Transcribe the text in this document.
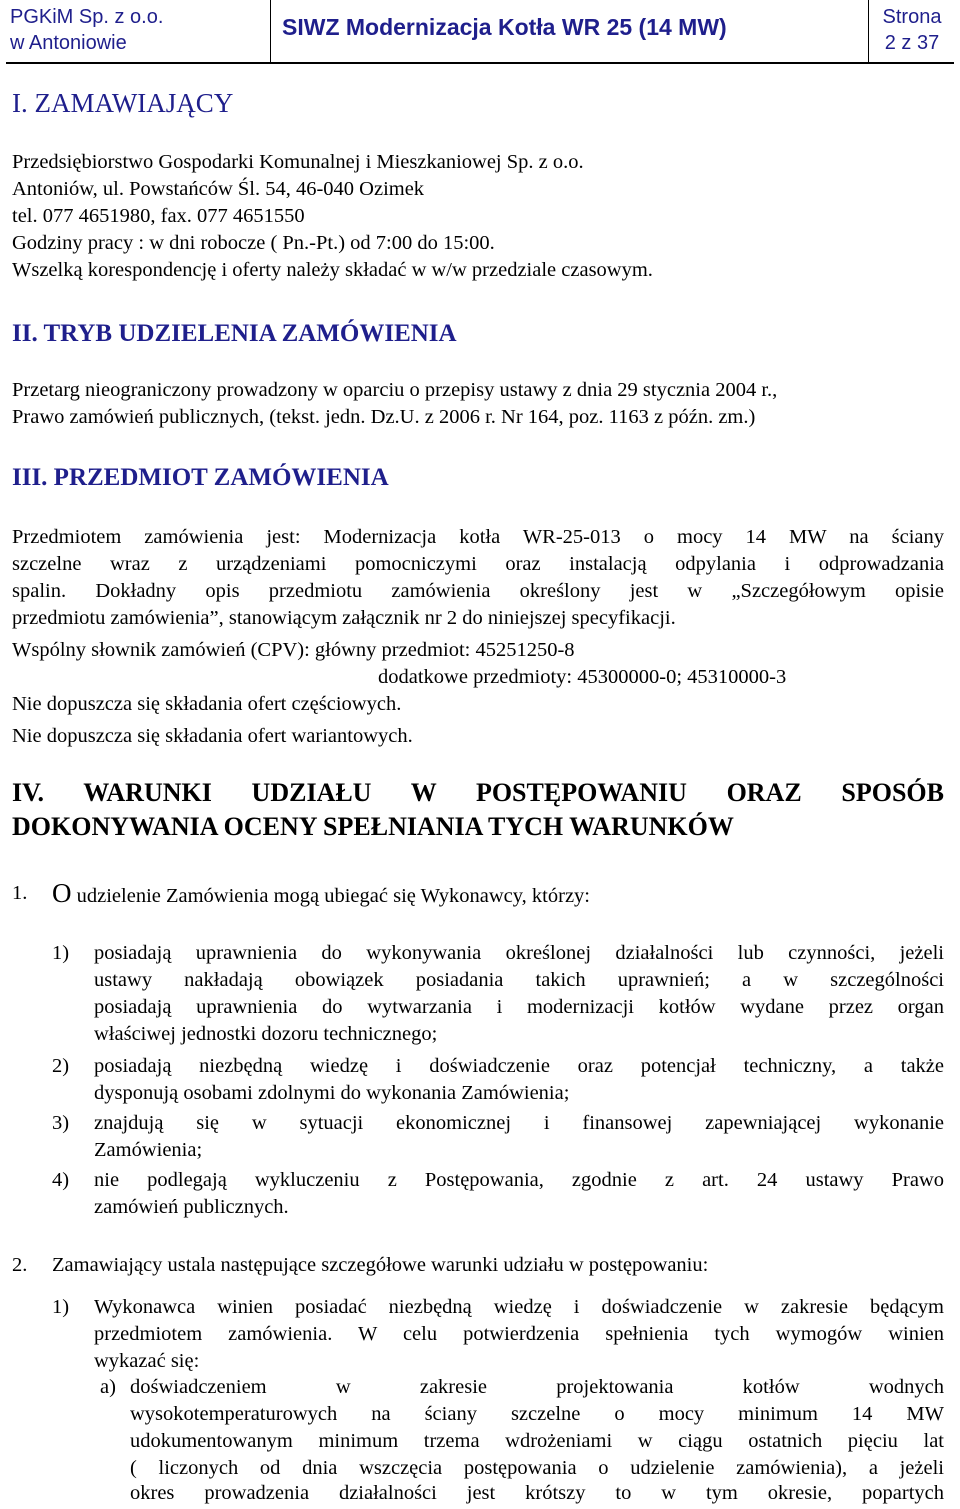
PGKiM Sp. z o.o.
w Antoniowie
SIWZ Modernizacja Kotła WR 25 (14 MW)	Strona
2 z 37
I. ZAMAWIAJĄCY
Przedsiębiorstwo Gospodarki Komunalnej i Mieszkaniowej Sp. z o.o.
Antoniów, ul. Powstańców Śl. 54, 46-040 Ozimek
tel. 077 4651980, fax. 077 4651550
Godziny pracy : w dni robocze ( Pn.-Pt.) od 7:00 do 15:00.
Wszelką korespondencję i oferty należy składać w w/w przedziale czasowym.
II. TRYB UDZIELENIA ZAMÓWIENIA
Przetarg nieograniczony prowadzony w oparciu o przepisy ustawy z dnia 29 stycznia 2004 r.,
Prawo zamówień publicznych, (tekst. jedn. Dz.U. z 2006 r. Nr 164, poz. 1163 z późn. zm.)
III. PRZEDMIOT ZAMÓWIENIA
Przedmiotem zamówienia jest: Modernizacja kotła WR-25-013 o mocy 14 MW na ściany
szczelne wraz z urządzeniami pomocniczymi oraz instalacją odpylania i odprowadzania
spalin. Dokładny opis przedmiotu zamówienia określony jest w „Szczegółowym opisie
przedmiotu zamówienia”, stanowiącym załącznik nr 2 do niniejszej specyfikacji.
Wspólny słownik zamówień (CPV): główny przedmiot: 45251250-8
dodatkowe przedmioty: 45300000-0; 45310000-3
Nie dopuszcza się składania ofert częściowych.
Nie dopuszcza się składania ofert wariantowych.
IV. WARUNKI UDZIAŁU W POSTĘPOWANIU ORAZ SPOSÓB
DOKONYWANIA OCENY SPEŁNIANIA TYCH WARUNKÓW
1. O udzielenie Zamówienia mogą ubiegać się Wykonawcy, którzy:
1) posiadają uprawnienia do wykonywania określonej działalności lub czynności, jeżeli
ustawy nakładają obowiązek posiadania takich uprawnień; a w szczególności
posiadają uprawnienia do wytwarzania i modernizacji kotłów wydane przez organ
właściwej jednostki dozoru technicznego;
2) posiadają niezbędną wiedzę i doświadczenie oraz potencjał techniczny, a także
dysponują osobami zdolnymi do wykonania Zamówienia;
3) znajdują się w sytuacji ekonomicznej i finansowej zapewniającej wykonanie
Zamówienia;
4) nie podlegają wykluczeniu z Postępowania, zgodnie z art. 24 ustawy Prawo
zamówień publicznych.
2. Zamawiający ustala następujące szczegółowe warunki udziału w postępowaniu:
1) Wykonawca winien posiadać niezbędną wiedzę i doświadczenie w zakresie będącym
przedmiotem zamówienia. W celu potwierdzenia spełnienia tych wymogów winien
wykazać się:
a) doświadczeniem w zakresie projektowania kotłów wodnych
wysokotemperaturowych na ściany szczelne o mocy minimum 14 MW
udokumentowanym minimum trzema wdrożeniami w ciągu ostatnich pięciu lat
( liczonych od dnia wszczęcia postępowania o udzielenie zamówienia), a jeżeli
okres prowadzenia działalności jest krótszy to w tym okresie, popartych
